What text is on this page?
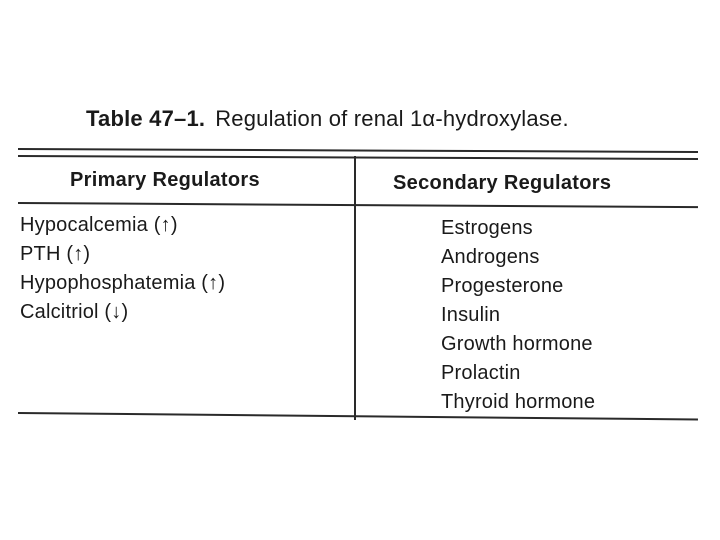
Table 47–1. Regulation of renal 1α-hydroxylase.
Primary Regulators	Secondary Regulators
Hypocalcemia (↑)
PTH (↑)
Hypophosphatemia (↑)
Calcitriol (↓)
Estrogens
Androgens
Progesterone
Insulin
Growth hormone
Prolactin
Thyroid hormone
